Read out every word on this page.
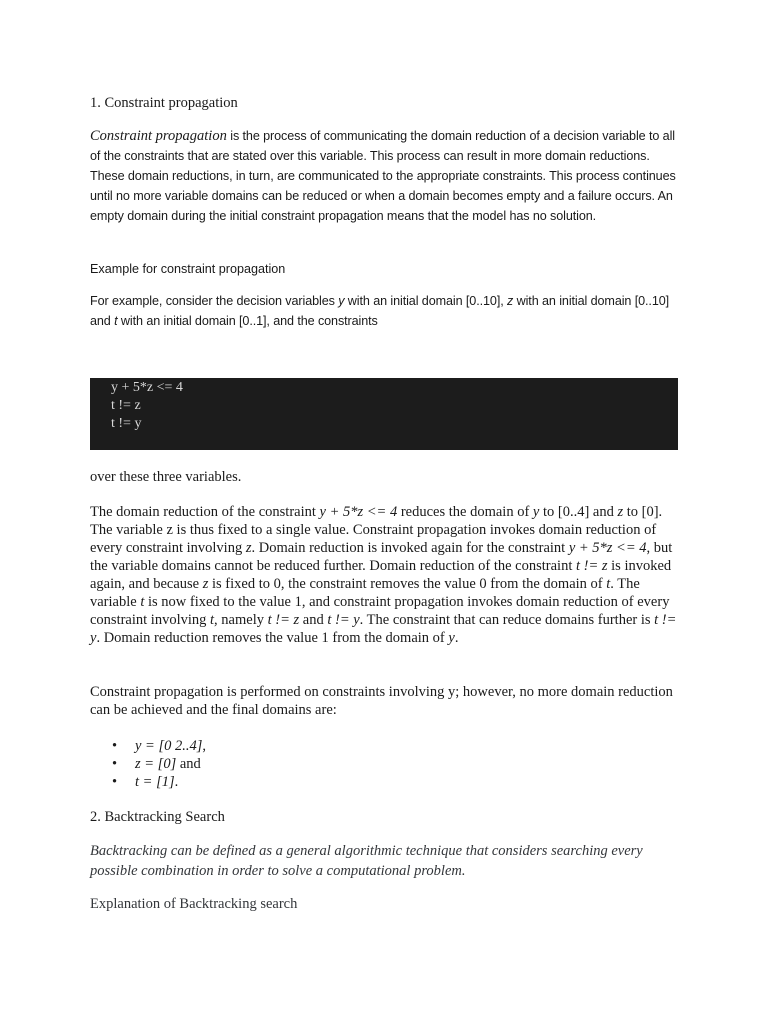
1. Constraint propagation

Constraint propagation is the process of communicating the domain reduction of a decision variable to all of the constraints that are stated over this variable. This process can result in more domain reductions. These domain reductions, in turn, are communicated to the appropriate constraints. This process continues until no more variable domains can be reduced or when a domain becomes empty and a failure occurs. An empty domain during the initial constraint propagation means that the model has no solution.

Example for constraint propagation

For example, consider the decision variables y with an initial domain [0..10], z with an initial domain [0..10] and t with an initial domain [0..1], and the constraints

y + 5*z <= 4
t != z
t != y
over these three variables.

The domain reduction of the constraint y + 5*z <= 4 reduces the domain of y to [0..4] and z to [0]. The variable z is thus fixed to a single value. Constraint propagation invokes domain reduction of every constraint involving z. Domain reduction is invoked again for the constraint y + 5*z <= 4, but the variable domains cannot be reduced further. Domain reduction of the constraint t != z is invoked again, and because z is fixed to 0, the constraint removes the value 0 from the domain of t. The variable t is now fixed to the value 1, and constraint propagation invokes domain reduction of every constraint involving t, namely t != z and t != y. The constraint that can reduce domains further is t != y. Domain reduction removes the value 1 from the domain of y.

Constraint propagation is performed on constraints involving y; however, no more domain reduction can be achieved and the final domains are:

• y = [0 2..4],
• z = [0] and
• t = [1].
2. Backtracking Search

Backtracking can be defined as a general algorithmic technique that considers searching every possible combination in order to solve a computational problem.

Explanation of Backtracking search
